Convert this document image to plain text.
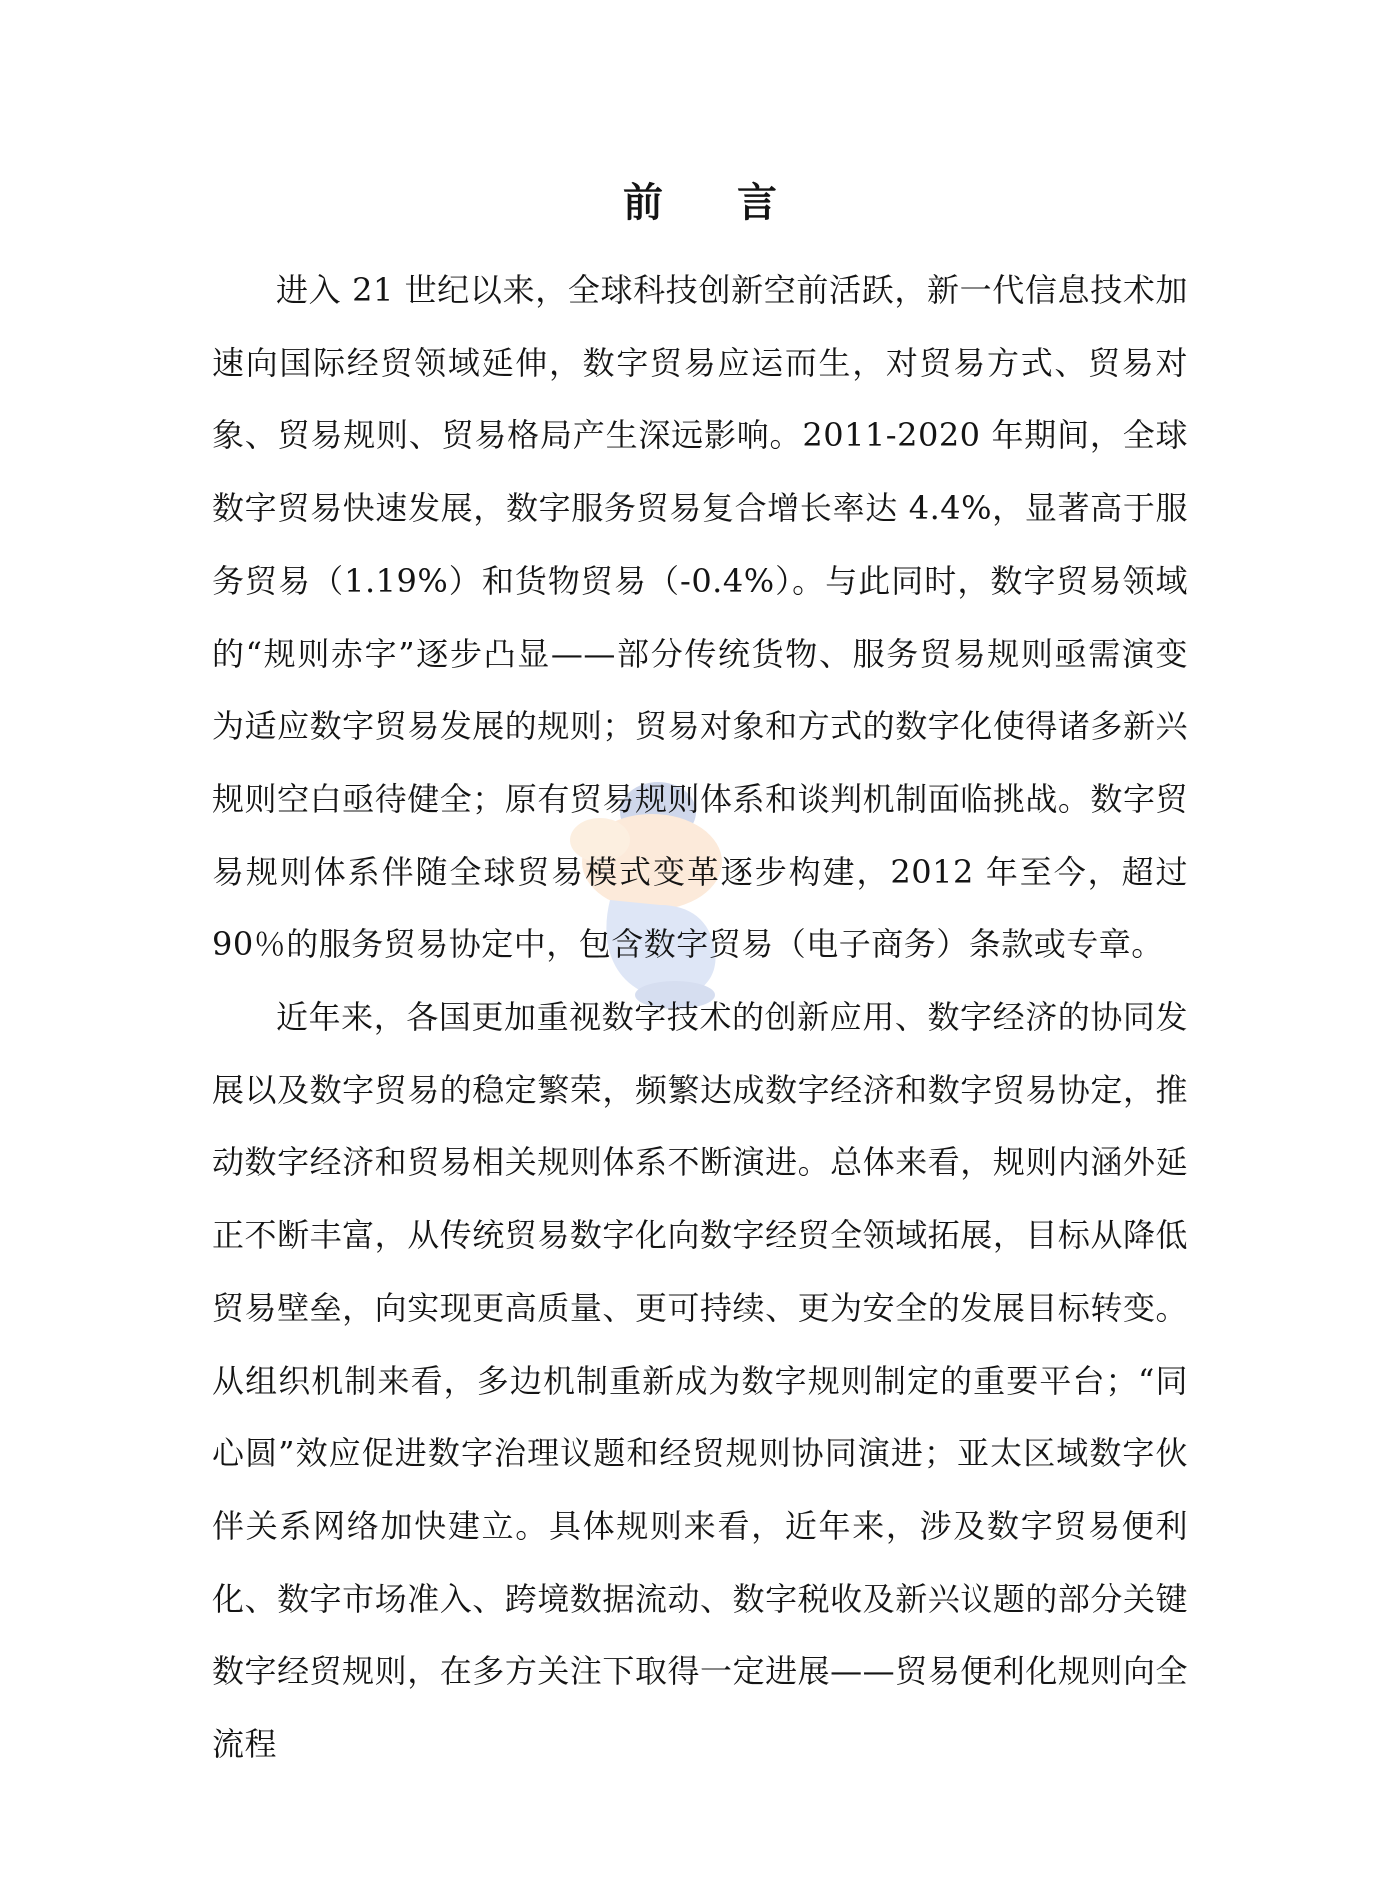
前 言

进入 21 世纪以来，全球科技创新空前活跃，新一代信息技术加速向国际经贸领域延伸，数字贸易应运而生，对贸易方式、贸易对象、贸易规则、贸易格局产生深远影响。2011-2020 年期间，全球数字贸易快速发展，数字服务贸易复合增长率达 4.4%，显著高于服务贸易（1.19%）和货物贸易（-0.4%）。与此同时，数字贸易领域的“规则赤字”逐步凸显——部分传统货物、服务贸易规则亟需演变为适应数字贸易发展的规则；贸易对象和方式的数字化使得诸多新兴规则空白亟待健全；原有贸易规则体系和谈判机制面临挑战。数字贸易规则体系伴随全球贸易模式变革逐步构建，2012 年至今，超过 90％的服务贸易协定中，包含数字贸易（电子商务）条款或专章。

近年来，各国更加重视数字技术的创新应用、数字经济的协同发展以及数字贸易的稳定繁荣，频繁达成数字经济和数字贸易协定，推动数字经济和贸易相关规则体系不断演进。总体来看，规则内涵外延正不断丰富，从传统贸易数字化向数字经贸全领域拓展，目标从降低贸易壁垒，向实现更高质量、更可持续、更为安全的发展目标转变。从组织机制来看，多边机制重新成为数字规则制定的重要平台；“同心圆”效应促进数字治理议题和经贸规则协同演进；亚太区域数字伙伴关系网络加快建立。具体规则来看，近年来，涉及数字贸易便利化、数字市场准入、跨境数据流动、数字税收及新兴议题的部分关键数字经贸规则，在多方关注下取得一定进展——贸易便利化规则向全流程
